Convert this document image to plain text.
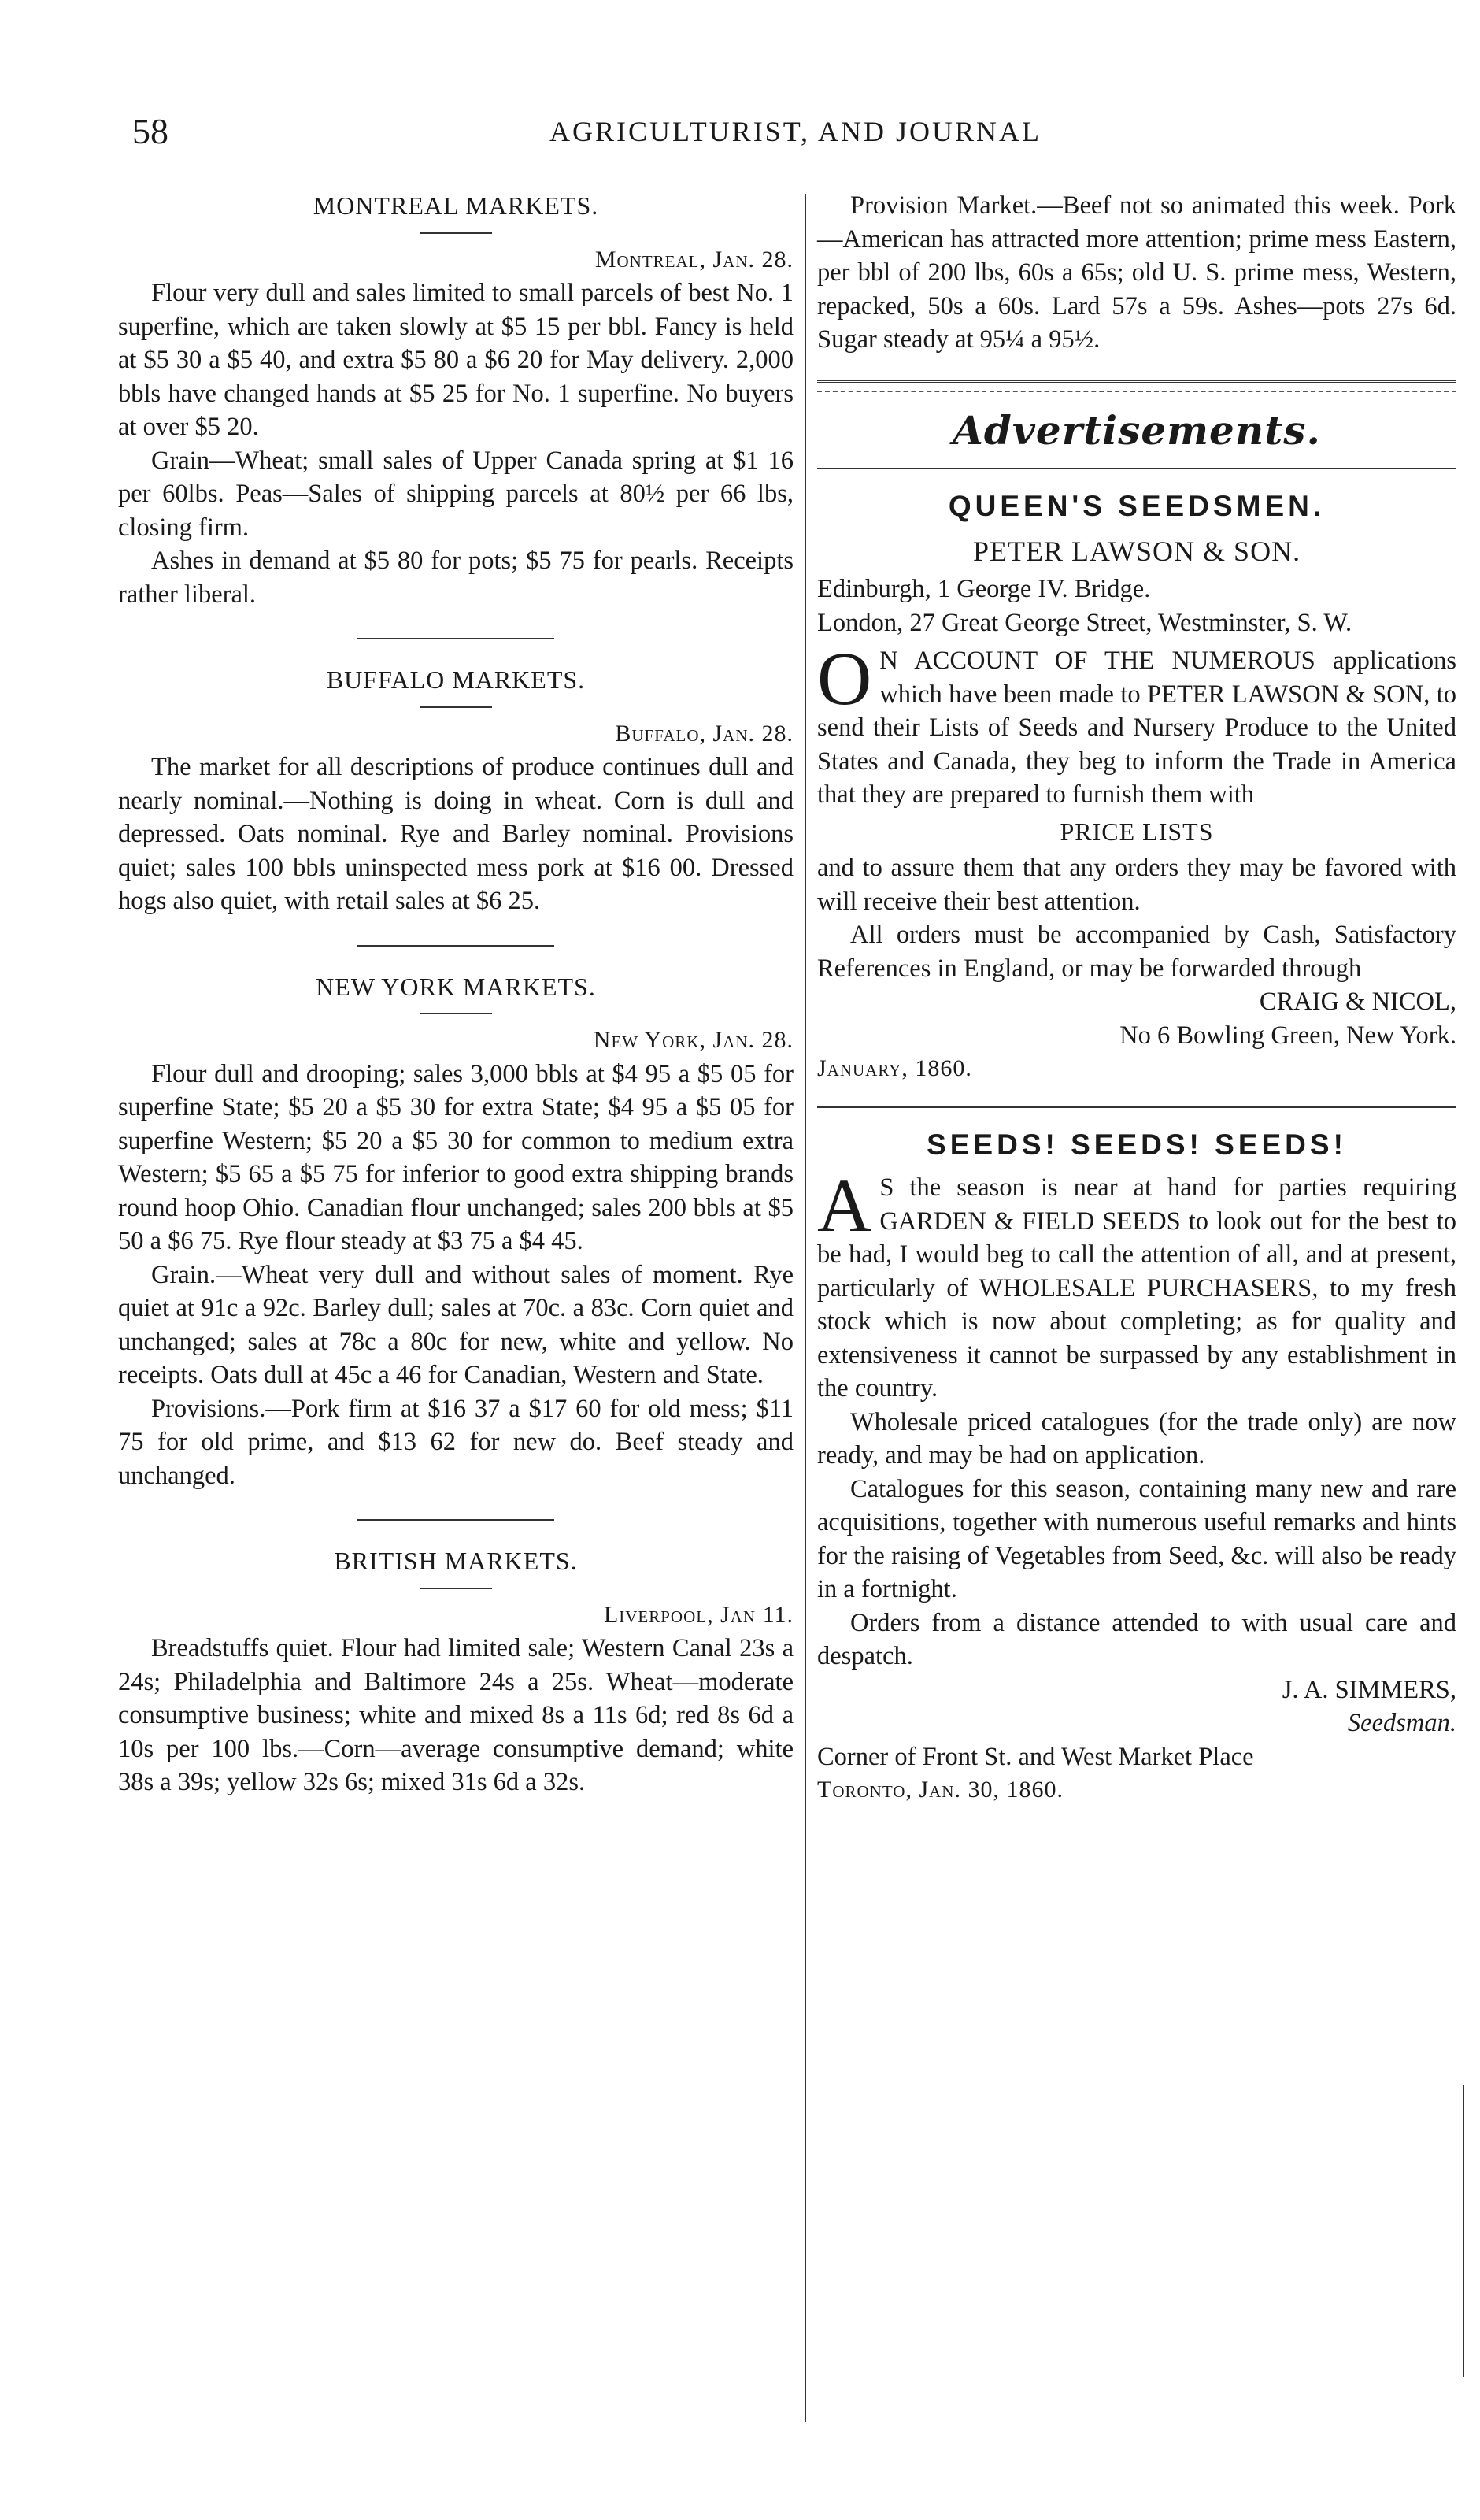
58	AGRICULTURIST, AND JOURNAL

MONTREAL MARKETS.

Montreal, Jan. 28.

Flour very dull and sales limited to small parcels of best No. 1 superfine, which are taken slowly at $5 15 per bbl. Fancy is held at $5 30 a $5 40, and extra $5 80 a $6 20 for May delivery. 2,000 bbls have changed hands at $5 25 for No. 1 superfine. No buyers at over $5 20.

Grain—Wheat; small sales of Upper Canada spring at $1 16 per 60lbs. Peas—Sales of shipping parcels at 80½ per 66 lbs, closing firm.

Ashes in demand at $5 80 for pots; $5 75 for pearls. Receipts rather liberal.

BUFFALO MARKETS.

Buffalo, Jan. 28.

The market for all descriptions of produce continues dull and nearly nominal.—Nothing is doing in wheat. Corn is dull and depressed. Oats nominal. Rye and Barley nominal. Provisions quiet; sales 100 bbls uninspected mess pork at $16 00. Dressed hogs also quiet, with retail sales at $6 25.

NEW YORK MARKETS.

New York, Jan. 28.

Flour dull and drooping; sales 3,000 bbls at $4 95 a $5 05 for superfine State; $5 20 a $5 30 for extra State; $4 95 a $5 05 for superfine Western; $5 20 a $5 30 for common to medium extra Western; $5 65 a $5 75 for inferior to good extra shipping brands round hoop Ohio. Canadian flour unchanged; sales 200 bbls at $5 50 a $6 75. Rye flour steady at $3 75 a $4 45.

Grain.—Wheat very dull and without sales of moment. Rye quiet at 91c a 92c. Barley dull; sales at 70c. a 83c. Corn quiet and unchanged; sales at 78c a 80c for new, white and yellow. No receipts. Oats dull at 45c a 46 for Canadian, Western and State.

Provisions.—Pork firm at $16 37 a $17 60 for old mess; $11 75 for old prime, and $13 62 for new do. Beef steady and unchanged.

BRITISH MARKETS.

Liverpool, Jan 11.

Breadstuffs quiet. Flour had limited sale; Western Canal 23s a 24s; Philadelphia and Baltimore 24s a 25s. Wheat—moderate consumptive business; white and mixed 8s a 11s 6d; red 8s 6d a 10s per 100 lbs.—Corn—average consumptive demand; white 38s a 39s; yellow 32s 6s; mixed 31s 6d a 32s.

Provision Market.—Beef not so animated this week. Pork—American has attracted more attention; prime mess Eastern, per bbl of 200 lbs, 60s a 65s; old U. S. prime mess, Western, repacked, 50s a 60s. Lard 57s a 59s. Ashes—pots 27s 6d. Sugar steady at 95¼ a 95½.

Advertisements.

QUEEN'S SEEDSMEN.

PETER LAWSON & SON.

Edinburgh, 1 George IV. Bridge.

London, 27 Great George Street, Westminster, S. W.

O N ACCOUNT OF THE NUMEROUS applications which have been made to PETER LAWSON & SON, to send their Lists of Seeds and Nursery Produce to the United States and Canada, they beg to inform the Trade in America that they are prepared to furnish them with

PRICE LISTS

and to assure them that any orders they may be favored with will receive their best attention.

All orders must be accompanied by Cash, Satisfactory References in England, or may be forwarded through

CRAIG & NICOL,

No 6 Bowling Green, New York.

January, 1860.

SEEDS! SEEDS! SEEDS!

A S the season is near at hand for parties requiring GARDEN & FIELD SEEDS to look out for the best to be had, I would beg to call the attention of all, and at present, particularly of WHOLESALE PURCHASERS, to my fresh stock which is now about completing; as for quality and extensiveness it cannot be surpassed by any establishment in the country.

Wholesale priced catalogues (for the trade only) are now ready, and may be had on application.

Catalogues for this season, containing many new and rare acquisitions, together with numerous useful remarks and hints for the raising of Vegetables from Seed, &c. will also be ready in a fortnight.

Orders from a distance attended to with usual care and despatch.

J. A. SIMMERS,

Seedsman.

Corner of Front St. and West Market Place

Toronto, Jan. 30, 1860.
